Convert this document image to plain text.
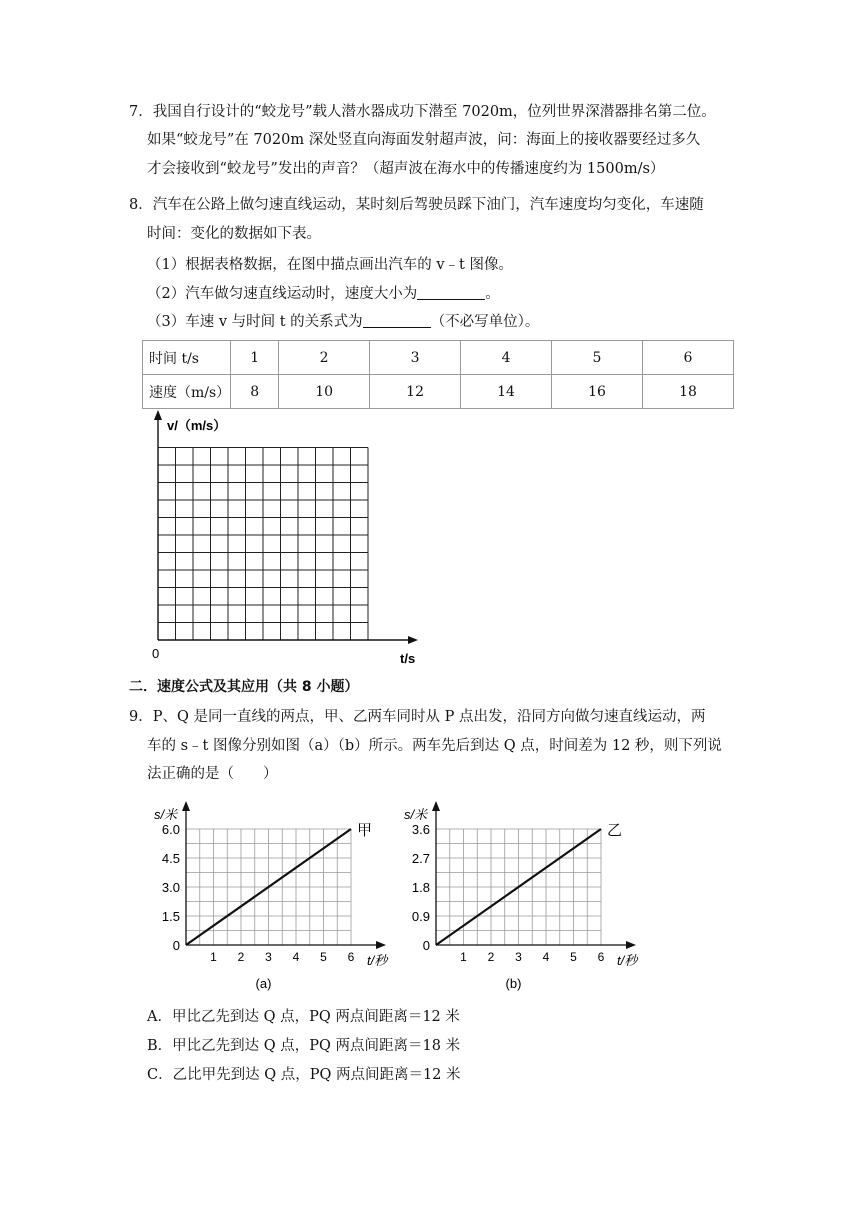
7．我国自行设计的“蛟龙号”载人潜水器成功下潜至 7020m，位列世界深潜器排名第二位。
如果“蛟龙号”在 7020m 深处竖直向海面发射超声波，问：海面上的接收器要经过多久
才会接收到“蛟龙号”发出的声音？（超声波在海水中的传播速度约为 1500m/s）
8．汽车在公路上做匀速直线运动，某时刻后驾驶员踩下油门，汽车速度均匀变化，车速随
时间：变化的数据如下表。
（1）根据表格数据，在图中描点画出汽车的 v﹣t 图像。
（2）汽车做匀速直线运动时，速度大小为	。
（3）车速 v 与时间 t 的关系式为	（不必写单位）。
时间 t/s	1	2	3	4	5	6
速度（m/s）	8	10	12	14	16	18
v/（m/s）
0	t/s
二．速度公式及其应用（共 8 小题）
9．P、Q 是同一直线的两点，甲、乙两车同时从 P 点出发，沿同方向做匀速直线运动，两
车的 s﹣t 图像分别如图（a）（b）所示。两车先后到达 Q 点，时间差为 12 秒，则下列说
法正确的是（　　）
0
1.5
3.0
4.5
6.0
1 2 3 4 5 6
s/米
t/秒
甲
(a)
0
0.9
1.8
2.7
3.6
1 2 3 4 5 6
s/米
t/秒
乙
(b)
A．甲比乙先到达 Q 点，PQ 两点间距离＝12 米
B．甲比乙先到达 Q 点，PQ 两点间距离＝18 米
C．乙比甲先到达 Q 点，PQ 两点间距离＝12 米
